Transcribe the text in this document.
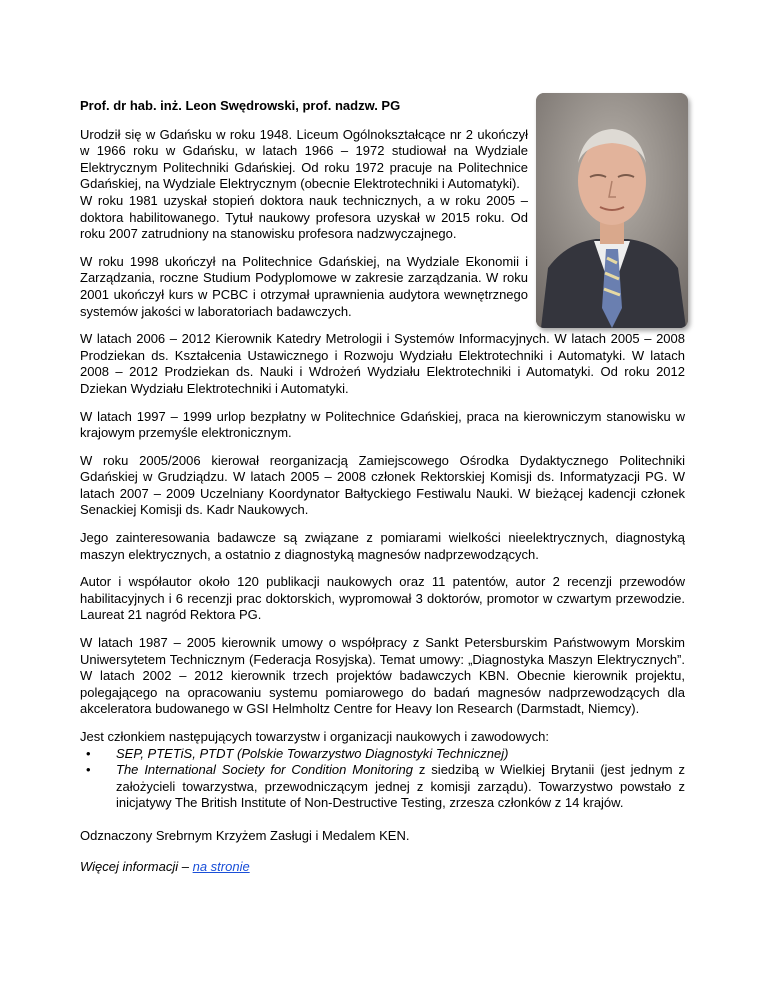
Prof. dr hab. inż. Leon Swędrowski, prof. nadzw. PG

Urodził się w Gdańsku w roku 1948. Liceum Ogólnokształcące nr 2 ukończył w 1966 roku w Gdańsku, w latach 1966 – 1972 studiował na Wydziale Elektrycznym Politechniki Gdańskiej. Od roku 1972 pracuje na Politechnice Gdańskiej, na Wydziale Elektrycznym (obecnie Elektrotechniki i Automatyki).

W roku 1981 uzyskał stopień doktora nauk technicznych, a w roku 2005 – doktora habilitowanego. Tytuł naukowy profesora uzyskał w 2015 roku. Od roku 2007 zatrudniony na stanowisku profesora nadzwyczajnego.

W roku 1998 ukończył na Politechnice Gdańskiej, na Wydziale Ekonomii i Zarządzania, roczne Studium Podyplomowe w zakresie zarządzania. W roku 2001 ukończył kurs w PCBC i otrzymał uprawnienia audytora wewnętrznego systemów jakości w laboratoriach badawczych.

W latach 2006 – 2012 Kierownik Katedry Metrologii i Systemów Informacyjnych. W latach 2005 – 2008 Prodziekan ds. Kształcenia Ustawicznego i Rozwoju Wydziału Elektrotechniki i Automatyki. W latach 2008 – 2012 Prodziekan ds. Nauki i Wdrożeń Wydziału Elektrotechniki i Automatyki. Od roku 2012 Dziekan Wydziału Elektrotechniki i Automatyki.

W latach 1997 – 1999 urlop bezpłatny w Politechnice Gdańskiej, praca na kierowniczym stanowisku w krajowym przemyśle elektronicznym.

W roku 2005/2006 kierował reorganizacją Zamiejscowego Ośrodka Dydaktycznego Politechniki Gdańskiej w Grudziądzu. W latach 2005 – 2008 członek Rektorskiej Komisji ds. Informatyzacji PG. W latach 2007 – 2009 Uczelniany Koordynator Bałtyckiego Festiwalu Nauki. W bieżącej kadencji członek Senackiej Komisji ds. Kadr Naukowych.

Jego zainteresowania badawcze są związane z pomiarami wielkości nieelektrycznych, diagnostyką maszyn elektrycznych, a ostatnio z diagnostyką magnesów nadprzewodzących.

Autor i współautor około 120 publikacji naukowych oraz 11 patentów, autor 2 recenzji przewodów habilitacyjnych i 6 recenzji prac doktorskich, wypromował 3 doktorów, promotor w czwartym przewodzie. Laureat 21 nagród Rektora PG.

W latach 1987 – 2005 kierownik umowy o współpracy z Sankt Petersburskim Państwowym Morskim Uniwersytetem Technicznym (Federacja Rosyjska). Temat umowy: „Diagnostyka Maszyn Elektrycznych”. W latach 2002 – 2012 kierownik trzech projektów badawczych KBN. Obecnie kierownik projektu, polegającego na opracowaniu systemu pomiarowego do badań magnesów nadprzewodzących dla akceleratora budowanego w GSI Helmholtz Centre for Heavy Ion Research (Darmstadt, Niemcy).

Jest członkiem następujących towarzystw i organizacji naukowych i zawodowych:

• SEP, PTETiS, PTDT (Polskie Towarzystwo Diagnostyki Technicznej)
• The International Society for Condition Monitoring z siedzibą w Wielkiej Brytanii (jest jednym z założycieli towarzystwa, przewodniczącym jednej z komisji zarządu). Towarzystwo powstało z inicjatywy The British Institute of Non-Destructive Testing, zrzesza członków z 14 krajów.

Odznaczony Srebrnym Krzyżem Zasługi i Medalem KEN.

Więcej informacji – na stronie
